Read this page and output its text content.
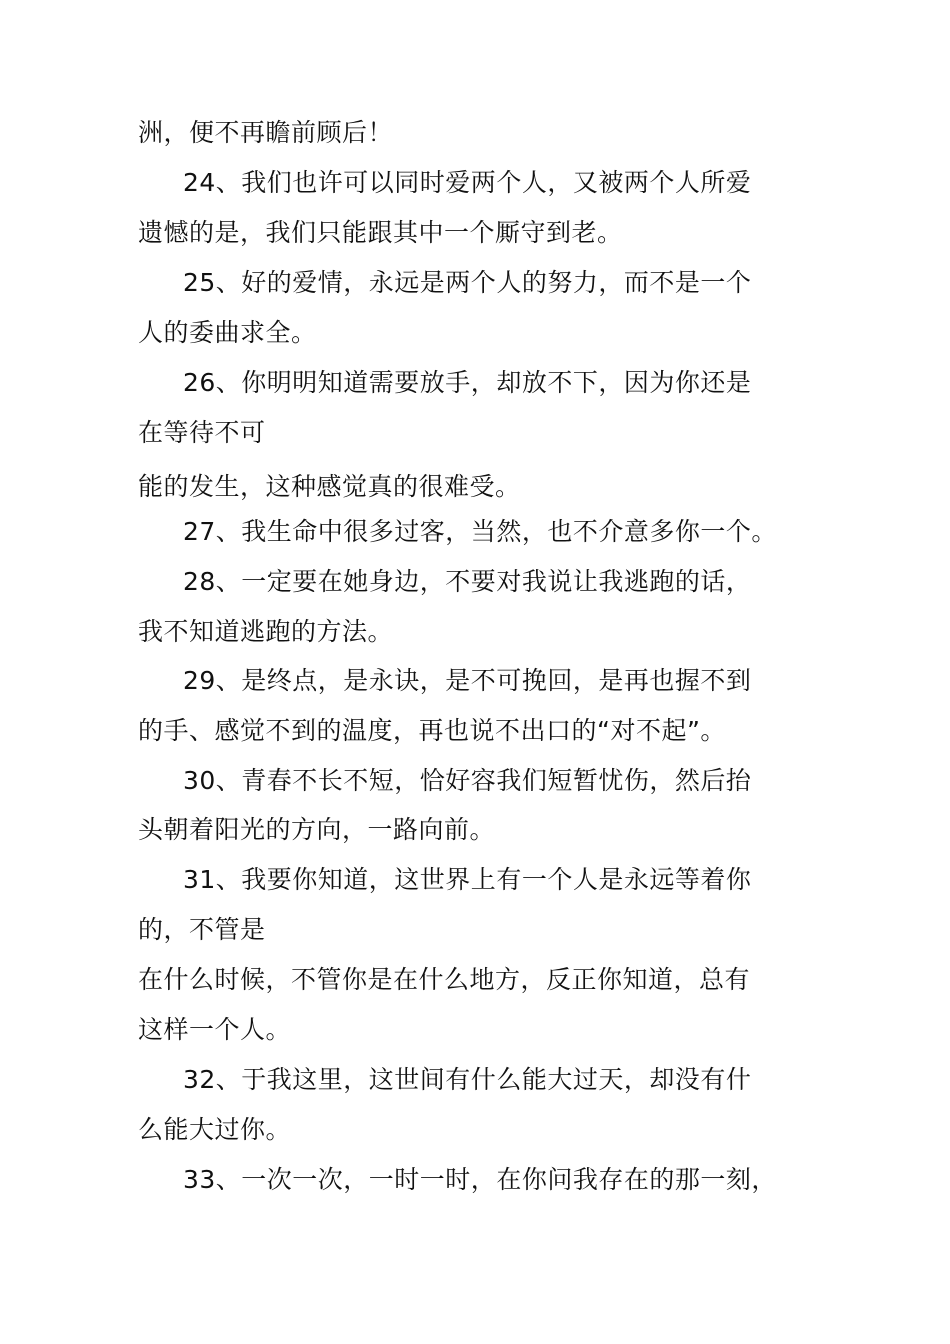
洲，便不再瞻前顾后！
24、我们也许可以同时爱两个人，又被两个人所爱
遗憾的是，我们只能跟其中一个厮守到老。
25、好的爱情，永远是两个人的努力，而不是一个
人的委曲求全。
26、你明明知道需要放手，却放不下，因为你还是
在等待不可
能的发生，这种感觉真的很难受。
27、我生命中很多过客，当然，也不介意多你一个。
28、一定要在她身边，不要对我说让我逃跑的话，
我不知道逃跑的方法。
29、是终点，是永诀，是不可挽回，是再也握不到
的手、感觉不到的温度，再也说不出口的“对不起”。
30、青春不长不短，恰好容我们短暂忧伤，然后抬
头朝着阳光的方向，一路向前。
31、我要你知道，这世界上有一个人是永远等着你
的，不管是
在什么时候，不管你是在什么地方，反正你知道，总有
这样一个人。
32、于我这里，这世间有什么能大过天，却没有什
么能大过你。
33、一次一次，一时一时，在你问我存在的那一刻，
